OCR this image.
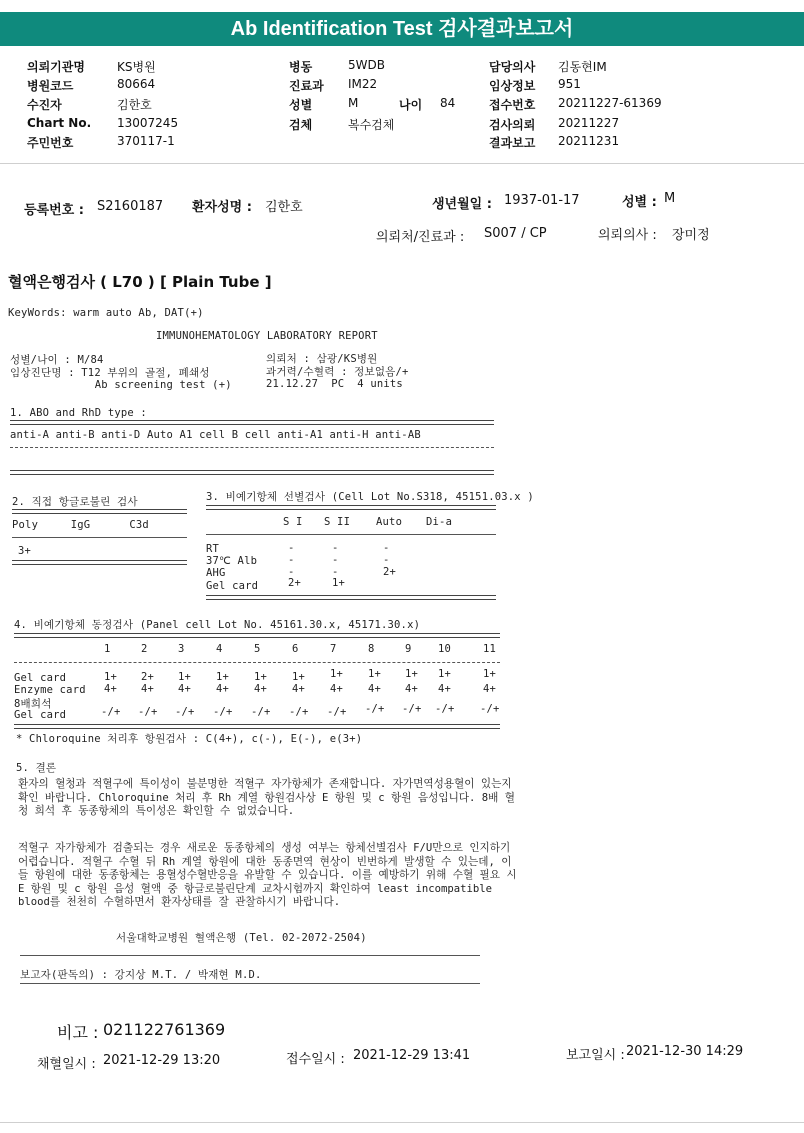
Ab Identification Test 검사결과보고서
의뢰기관명	KS병원
병원코드	80664
수진자	김한호
Chart No. 13007245
주민번호	370117-1
병동	5WDB
진료과 IM22
성별	M
검체	복수검체
담당의사 김동현IM
임상정보 951
접수번호 20211227-61369
검사의뢰 20211227
결과보고 20211231
나이 84
등록번호 : S2160187 환자성명 : 김한호	생년월일 : 1937-01-17	성별 : M
의뢰처/진료과 : S007 / CP	의뢰의사 : 장미정
혈액은행검사 ( L70 ) [ Plain Tube ]
KeyWords: warm auto Ab, DAT(+)
IMMUNOHEMATOLOGY LABORATORY REPORT
성별/나이 : M/84
임상진단명 : T12 부위의 골절, 폐쇄성
Ab screening test (+)
의뢰처 : 삼광/KS병원
과거력/수혈력 : 정보없음/+
21.12.27  PC  4 units
1. ABO and RhD type :
anti-A anti-B anti-D Auto A1 cell B cell anti-A1 anti-H anti-AB
2. 직접 항글로불린 검사
Poly     IgG      C3d
3+
3. 비예기항체 선별검사 (Cell Lot No.S318, 45151.03.x )
S I S II Auto Di-a
RT	-	-	-
37℃ Alb	-	-	-
AHG	-	-	2+
Gel card	2+	1+
4. 비예기항체 동정검사 (Panel cell Lot No. 45161.30.x, 45171.30.x)
1	2	3	4	5	6	7	8	9	10	11
Gel card	1+ 2+ 1+ 1+ 1+ 1+ 1+ 1+ 1+ 1+	1+
Enzyme card 4+ 4+ 4+ 4+ 4+ 4+ 4+ 4+ 4+ 4+	4+
8배희석
Gel card	-/+ -/+ -/+ -/+ -/+ -/+ -/+ -/+ -/+ -/+ -/+
* Chloroquine 처리후 항원검사 : C(4+), c(-), E(-), e(3+)
5. 결론
환자의 혈청과 적혈구에 특이성이 불분명한 적혈구 자가항체가 존재합니다. 자가면역성용혈이 있는지 확인 바랍니다. Chloroquine 처리 후 Rh 계열 항원검사상 E 항원 및 c 항원 음성입니다. 8배 혈청 희석 후 동종항체의 특이성은 확인할 수 없었습니다.
적혈구 자가항체가 검출되는 경우 새로운 동종항체의 생성 여부는 항체선별검사 F/U만으로 인지하기 어렵습니다. 적혈구 수혈 뒤 Rh 계열 항원에 대한 동종면역 현상이 빈번하게 발생할 수 있는데, 이들 항원에 대한 동종항체는 용혈성수혈반응을 유발할 수 있습니다. 이를 예방하기 위해 수혈 필요 시 E 항원 및 c 항원 음성 혈액 중 항글로불린단계 교차시험까지 확인하여 least incompatible blood를 천천히 수혈하면서 환자상태를 잘 관찰하시기 바랍니다.
서울대학교병원 혈액은행 (Tel. 02-2072-2504)
보고자(판독의) : 강지상 M.T. / 박재현 M.D.
비고 : 021122761369
채혈일시 : 2021-12-29 13:20	접수일시 : 2021-12-29 13:41	보고일시 : 2021-12-30 14:29
